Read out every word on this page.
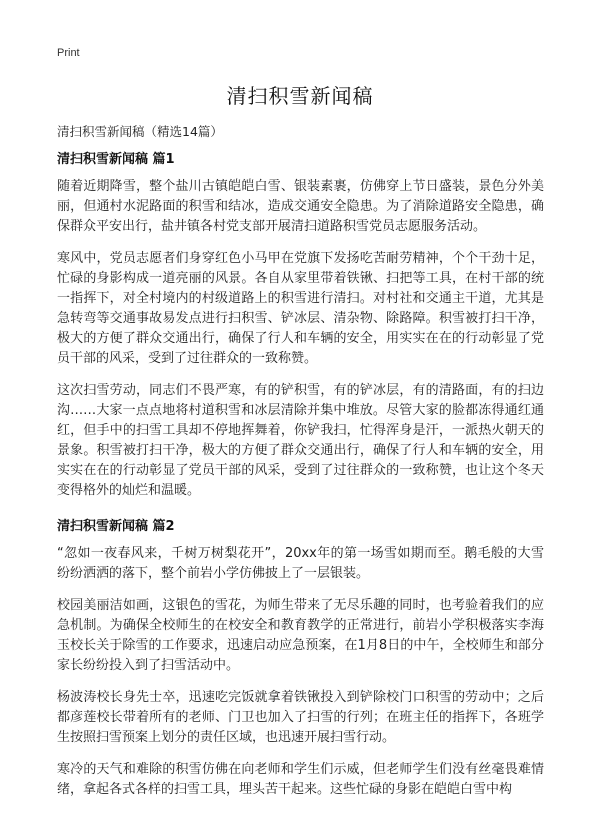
Print
清扫积雪新闻稿
清扫积雪新闻稿（精选14篇）
清扫积雪新闻稿 篇1

随着近期降雪，整个盐川古镇皑皑白雪、银装素裹，仿佛穿上节日盛装，景色分外美丽，但通村水泥路面的积雪和结冰，造成交通安全隐患。为了消除道路安全隐患，确保群众平安出行，盐井镇各村党支部开展清扫道路积雪党员志愿服务活动。

寒风中，党员志愿者们身穿红色小马甲在党旗下发扬吃苦耐劳精神，个个干劲十足，忙碌的身影构成一道亮丽的风景。各自从家里带着铁锹、扫把等工具，在村干部的统一指挥下，对全村境内的村级道路上的积雪进行清扫。对村社和交通主干道，尤其是急转弯等交通事故易发点进行扫积雪、铲冰层、清杂物、除路障。积雪被打扫干净，极大的方便了群众交通出行，确保了行人和车辆的安全，用实实在在的行动彰显了党员干部的风采，受到了过往群众的一致称赞。

这次扫雪劳动，同志们不畏严寒，有的铲积雪，有的铲冰层，有的清路面，有的扫边沟……大家一点点地将村道积雪和冰层清除并集中堆放。尽管大家的脸都冻得通红通红，但手中的扫雪工具却不停地挥舞着，你铲我扫，忙得浑身是汗，一派热火朝天的景象。积雪被打扫干净，极大的方便了群众交通出行，确保了行人和车辆的安全，用实实在在的行动彰显了党员干部的风采，受到了过往群众的一致称赞，也让这个冬天变得格外的灿烂和温暖。

清扫积雪新闻稿 篇2

“忽如一夜春风来，千树万树梨花开”，20xx年的第一场雪如期而至。鹅毛般的大雪纷纷洒洒的落下，整个前岩小学仿佛披上了一层银装。

校园美丽洁如画，这银色的雪花，为师生带来了无尽乐趣的同时，也考验着我们的应急机制。为确保全校师生的在校安全和教育教学的正常进行，前岩小学积极落实李海玉校长关于除雪的工作要求，迅速启动应急预案，在1月8日的中午，全校师生和部分家长纷纷投入到了扫雪活动中。

杨波涛校长身先士卒，迅速吃完饭就拿着铁锹投入到铲除校门口积雪的劳动中；之后都彦莲校长带着所有的老师、门卫也加入了扫雪的行列；在班主任的指挥下，各班学生按照扫雪预案上划分的责任区域，也迅速开展扫雪行动。

寒冷的天气和难除的积雪仿佛在向老师和学生们示威，但老师学生们没有丝毫畏难情绪，拿起各式各样的扫雪工具，埋头苦干起来。这些忙碌的身影在皑皑白雪中构
